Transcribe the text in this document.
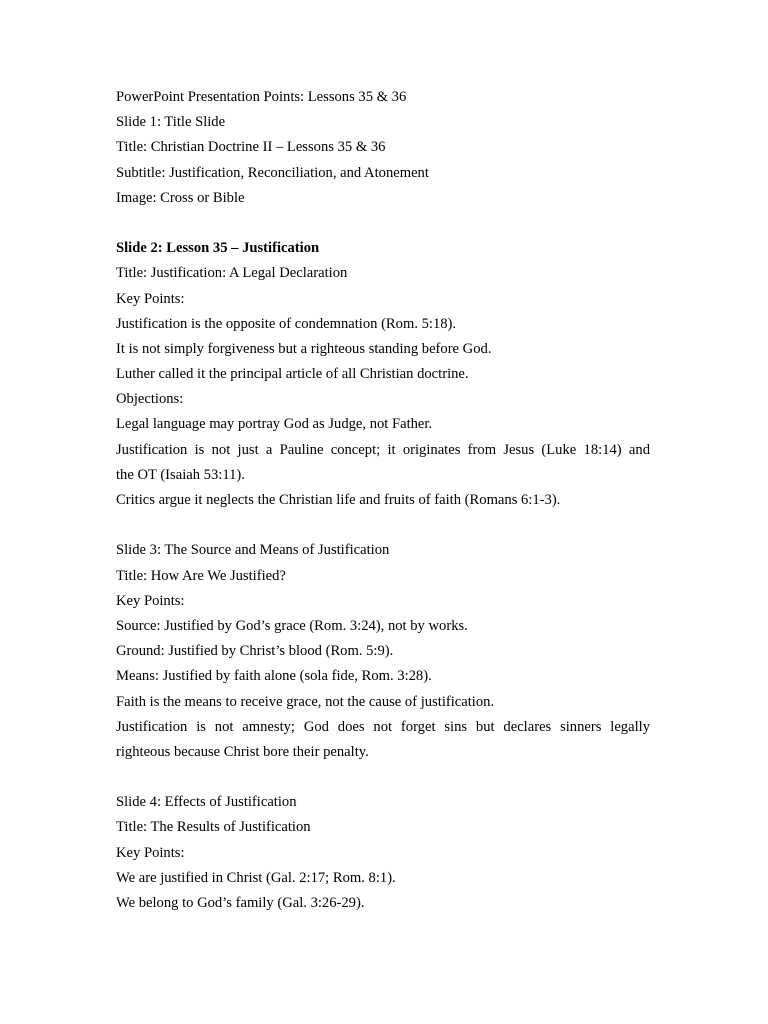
PowerPoint Presentation Points: Lessons 35 & 36
Slide 1: Title Slide
Title: Christian Doctrine II – Lessons 35 & 36
Subtitle: Justification, Reconciliation, and Atonement
Image: Cross or Bible
Slide 2: Lesson 35 – Justification
Title: Justification: A Legal Declaration
Key Points:
Justification is the opposite of condemnation (Rom. 5:18).
It is not simply forgiveness but a righteous standing before God.
Luther called it the principal article of all Christian doctrine.
Objections:
Legal language may portray God as Judge, not Father.
Justification is not just a Pauline concept; it originates from Jesus (Luke 18:14) and
the OT (Isaiah 53:11).
Critics argue it neglects the Christian life and fruits of faith (Romans 6:1-3).
Slide 3: The Source and Means of Justification
Title: How Are We Justified?
Key Points:
Source: Justified by God’s grace (Rom. 3:24), not by works.
Ground: Justified by Christ’s blood (Rom. 5:9).
Means: Justified by faith alone (sola fide, Rom. 3:28).
Faith is the means to receive grace, not the cause of justification.
Justification is not amnesty; God does not forget sins but declares sinners legally
righteous because Christ bore their penalty.
Slide 4: Effects of Justification
Title: The Results of Justification
Key Points:
We are justified in Christ (Gal. 2:17; Rom. 8:1).
We belong to God’s family (Gal. 3:26-29).
